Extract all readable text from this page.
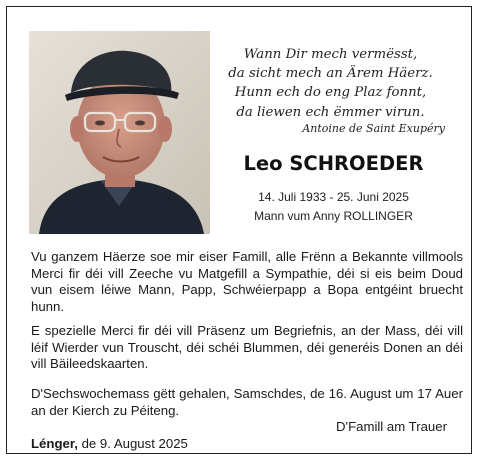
Wann Dir mech vermësst,
da sicht mech an Ärem Häerz.
Hunn ech do eng Plaz fonnt,
da liewen ech ëmmer virun.
Antoine de Saint Exupéry
Leo SCHROEDER
14. Juli 1933 - 25. Juni 2025
Mann vum Anny ROLLINGER
Vu ganzem Häerze soe mir eiser Famill, alle Frënn a Bekannte villmools Merci fir déi vill Zeeche vu Matgefill a Sympathie, déi si eis beim Doud vun eisem léiwe Mann, Papp, Schwéierpapp a Bopa entgéint bruecht hunn.
E spezielle Merci fir déi vill Präsenz um Begriefnis, an der Mass, déi vill léif Wierder vun Trouscht, déi schéi Blummen, déi generéis Donen an déi vill Bäileedskaarten.
D'Sechswochemass gëtt gehalen, Samschdes, de 16. August um 17 Auer an der Kierch zu Péiteng.
D'Famill am Trauer
Lénger, de 9. August 2025
